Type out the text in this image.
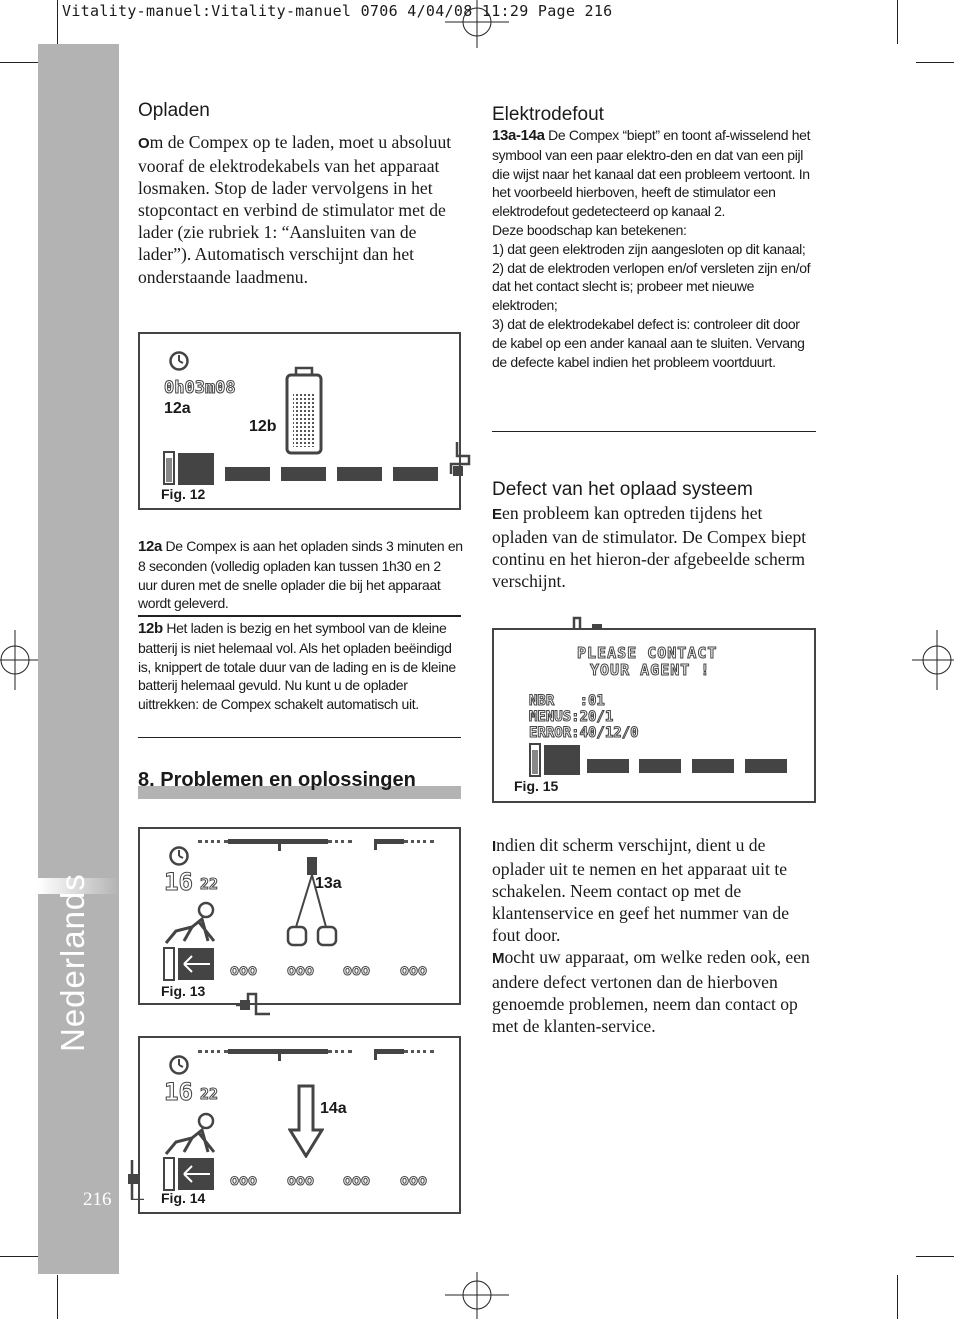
Vitality-manuel:Vitality-manuel 0706 4/04/08 11:29 Page 216
Nederlands
216
Opladen
Om de Compex op te laden, moet u absoluut vooraf de elektrodekabels van het apparaat losmaken. Stop de lader vervolgens in het stopcontact en verbind de stimulator met de lader (zie rubriek 1: “Aansluiten van de lader”). Automatisch verschijnt dan het onderstaande laadmenu.
0h03m08
12a
12b
Fig. 12
12a De Compex is aan het opladen sinds 3 minuten en 8 seconden (volledig opladen kan tussen 1h30 en 2 uur duren met de snelle oplader die bij het apparaat wordt geleverd.
12b Het laden is bezig en het symbool van de kleine batterij is niet helemaal vol. Als het opladen beëindigd is, knippert de totale duur van de lading en is de kleine batterij helemaal gevuld. Nu kunt u de oplader uittrekken: de Compex schakelt automatisch uit.
8. Problemen en oplossingen
16 22	13a
ooo ooo ooo ooo
Fig. 13
16 22
14a
ooo ooo ooo ooo
Fig. 14
Elektrodefout
13a-14a De Compex “biept” en toont af-wisselend het symbool van een paar elektro-den en dat van een pijl die wijst naar het kanaal dat een probleem vertoont. In het voorbeeld hierboven, heeft de stimulator een elektrodefout gedetecteerd op kanaal 2.
Deze boodschap kan betekenen:
1) dat geen elektroden zijn aangesloten op dit kanaal;
2) dat de elektroden verlopen en/of versleten zijn en/of dat het contact slecht is; probeer met nieuwe elektroden;
3) dat de elektrodekabel defect is: controleer dit door de kabel op een ander kanaal aan te sluiten. Vervang de defecte kabel indien het probleem voortduurt.
Defect van het oplaad systeem
Een probleem kan optreden tijdens het opladen van de stimulator. De Compex biept continu en het hieron-der afgebeelde scherm verschijnt.
PLEASE CONTACT
YOUR AGENT !
NBR   :01
MENUS:20/1
ERROR:40/12/0
Fig. 15
Indien dit scherm verschijnt, dient u de oplader uit te nemen en het apparaat uit te schakelen. Neem contact op met de klantenservice en geef het nummer van de fout door.
Mocht uw apparaat, om welke reden ook, een andere defect vertonen dan de hierboven genoemde problemen, neem dan contact op met de klanten-service.
